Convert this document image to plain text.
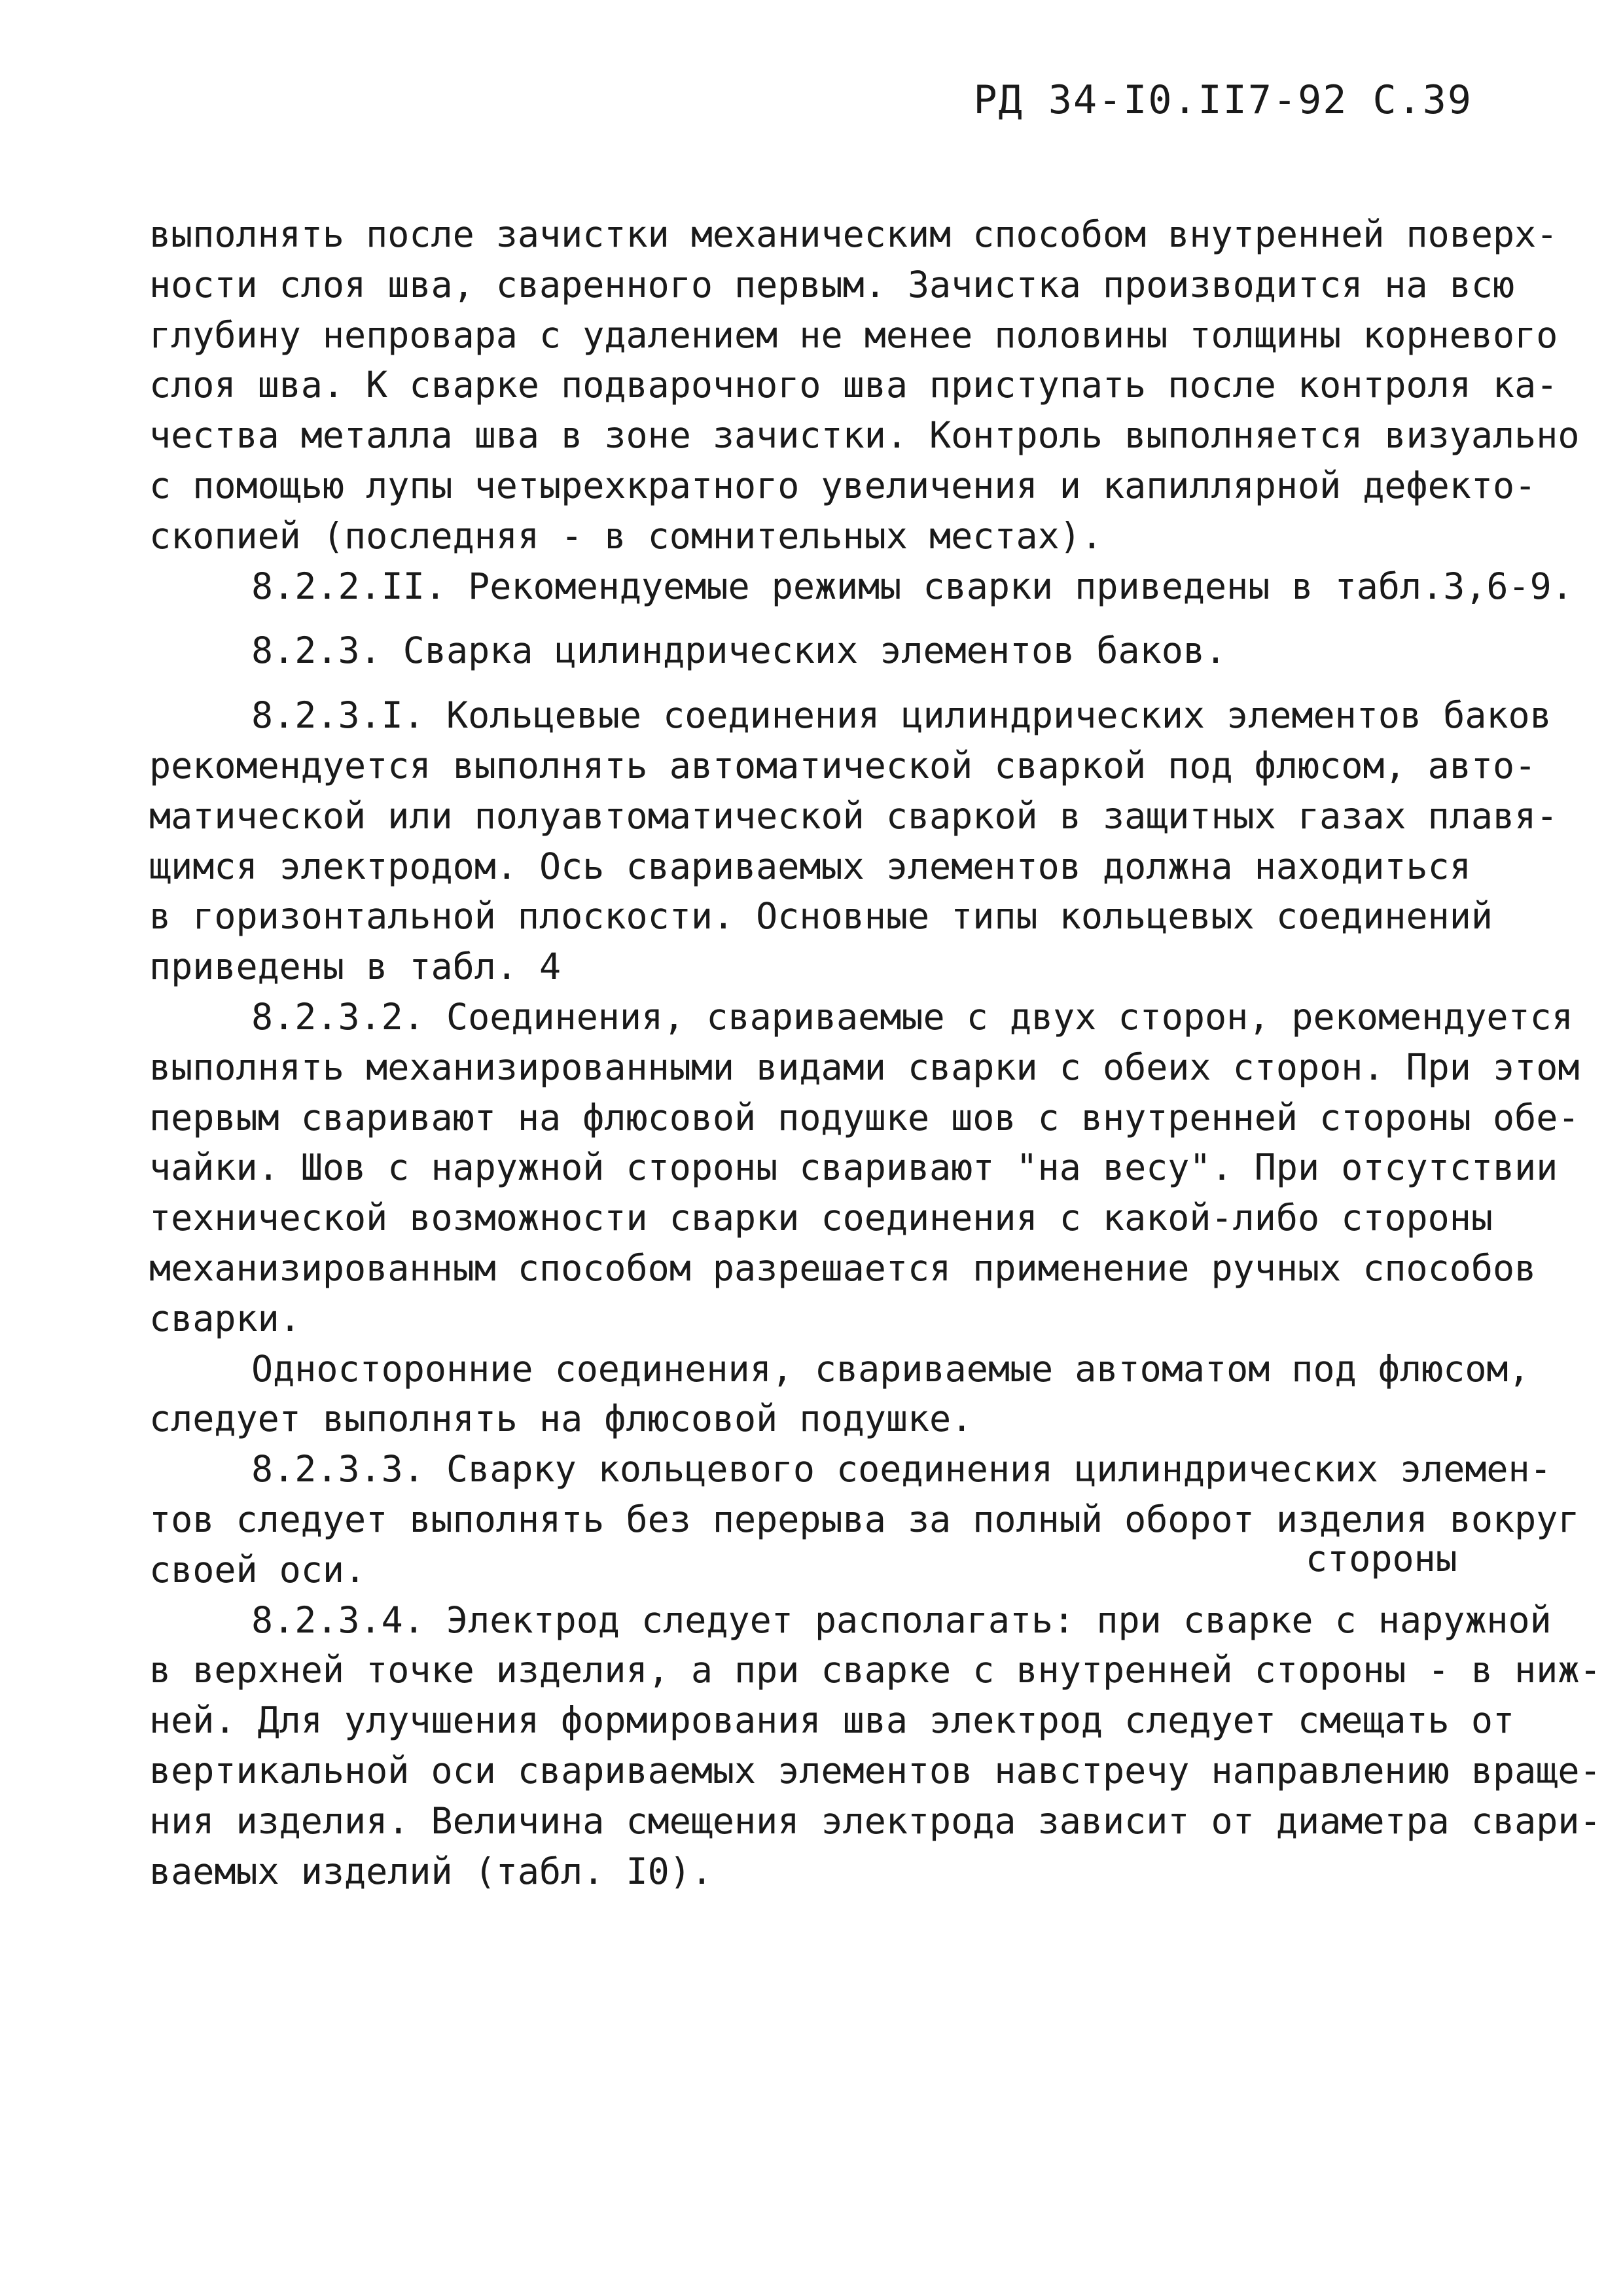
РД 34-I0.II7-92 С.39
выполнять после зачистки механическим способом внутренней поверх-
ности слоя шва, сваренного первым. Зачистка производится на всю
глубину непровара с удалением не менее половины толщины корневого
слоя шва. К сварке подварочного шва приступать после контроля ка-
чества металла шва в зоне зачистки. Контроль выполняется визуально
с помощью лупы четырехкратного увеличения и капиллярной дефекто-
скопией (последняя - в сомнительных местах).
8.2.2.II. Рекомендуемые режимы сварки приведены в табл.3,6-9.
8.2.3. Сварка цилиндрических элементов баков.
8.2.3.I. Кольцевые соединения цилиндрических элементов баков
рекомендуется выполнять автоматической сваркой под флюсом, авто-
матической или полуавтоматической сваркой в защитных газах плавя-
щимся электродом. Ось свариваемых элементов должна находиться
в горизонтальной плоскости. Основные типы кольцевых соединений
приведены в табл. 4
8.2.3.2. Соединения, свариваемые с двух сторон, рекомендуется
выполнять механизированными видами сварки с обеих сторон. При этом
первым сваривают на флюсовой подушке шов с внутренней стороны обе-
чайки. Шов с наружной стороны сваривают "на весу". При отсутствии
технической возможности сварки соединения с какой-либо стороны
механизированным способом разрешается применение ручных способов
сварки.
Односторонние соединения, свариваемые автоматом под флюсом,
следует выполнять на флюсовой подушке.
8.2.3.3. Сварку кольцевого соединения цилиндрических элемен-
тов следует выполнять без перерыва за полный оборот изделия вокруг
своей оси.
8.2.3.4. Электрод следует располагать: при сварке с наружной
в верхней точке изделия, а при сварке с внутренней стороны - в ниж-
ней. Для улучшения формирования шва электрод следует смещать от
вертикальной оси свариваемых элементов навстречу направлению враще-
ния изделия. Величина смещения электрода зависит от диаметра свари-
ваемых изделий (табл. I0).
стороны
